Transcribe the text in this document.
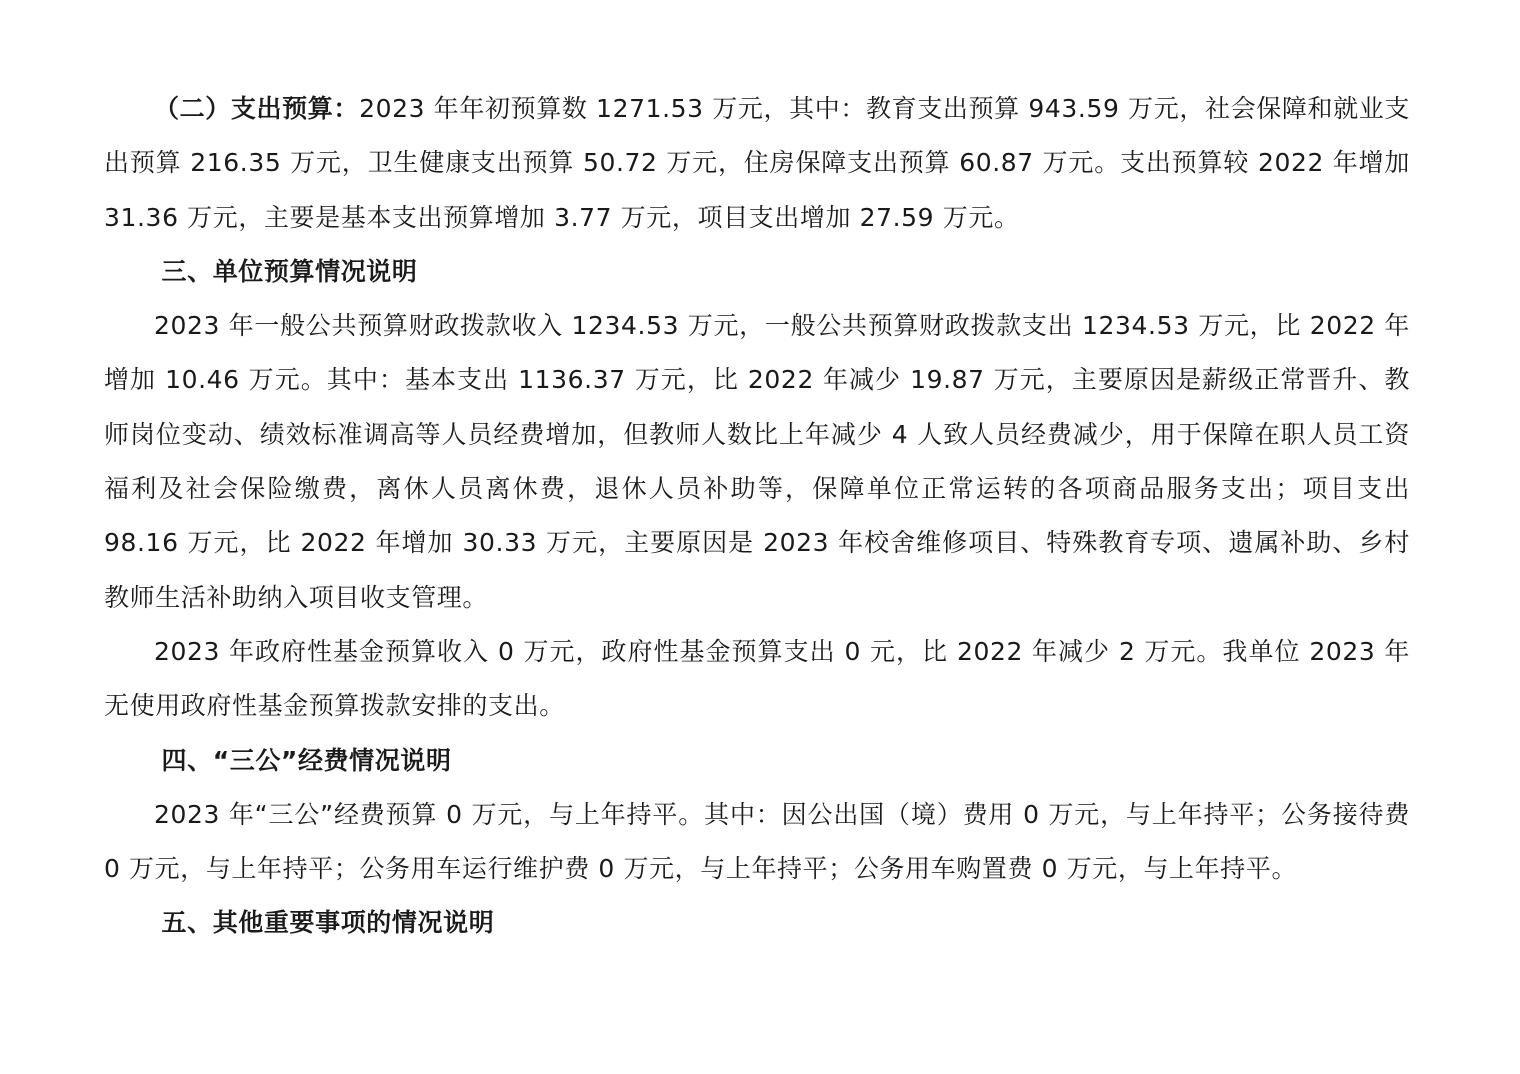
（二）支出预算：2023 年年初预算数 1271.53 万元，其中：教育支出预算 943.59 万元，社会保障和就业支出预算 216.35 万元，卫生健康支出预算 50.72 万元，住房保障支出预算 60.87 万元。支出预算较 2022 年增加 31.36 万元，主要是基本支出预算增加 3.77 万元，项目支出增加 27.59 万元。

三、单位预算情况说明

2023 年一般公共预算财政拨款收入 1234.53 万元，一般公共预算财政拨款支出 1234.53 万元，比 2022 年增加 10.46 万元。其中：基本支出 1136.37 万元，比 2022 年减少 19.87 万元，主要原因是薪级正常晋升、教师岗位变动、绩效标准调高等人员经费增加，但教师人数比上年减少 4 人致人员经费减少，用于保障在职人员工资福利及社会保险缴费，离休人员离休费，退休人员补助等，保障单位正常运转的各项商品服务支出；项目支出 98.16 万元，比 2022 年增加 30.33 万元，主要原因是 2023 年校舍维修项目、特殊教育专项、遗属补助、乡村教师生活补助纳入项目收支管理。

2023 年政府性基金预算收入 0 万元，政府性基金预算支出 0 元，比 2022 年减少 2 万元。我单位 2023 年无使用政府性基金预算拨款安排的支出。

四、“三公”经费情况说明

2023 年“三公”经费预算 0 万元，与上年持平。其中：因公出国（境）费用 0 万元，与上年持平；公务接待费 0 万元，与上年持平；公务用车运行维护费 0 万元，与上年持平；公务用车购置费 0 万元，与上年持平。

五、其他重要事项的情况说明
